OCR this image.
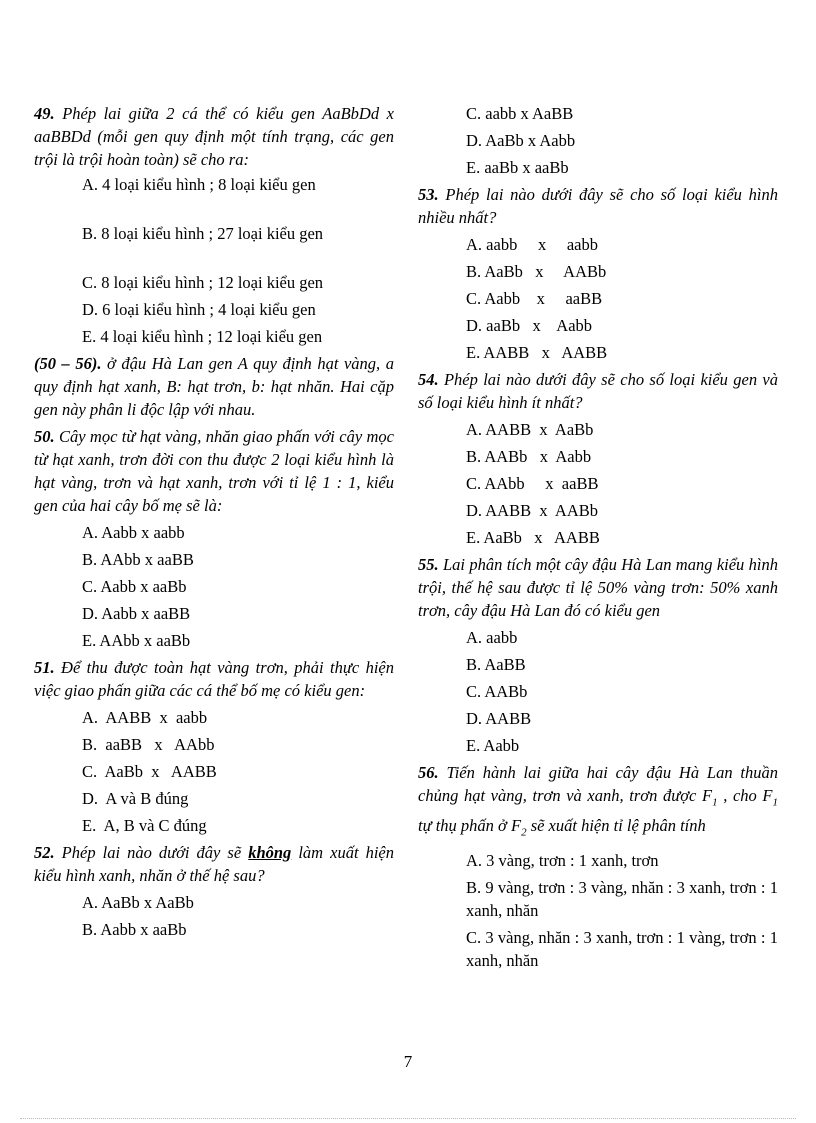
49. Phép lai giữa 2 cá thể có kiểu gen AaBbDd x aaBBDd (mỗi gen quy định một tính trạng, các gen trội là trội hoàn toàn) sẽ cho ra:

A. 4 loại kiểu hình ; 8 loại kiểu gen

B. 8 loại kiểu hình ; 27 loại kiểu gen

C. 8 loại kiểu hình ; 12 loại kiểu gen

D. 6 loại kiểu hình ; 4 loại kiểu gen

E. 4 loại kiểu hình ; 12 loại kiểu gen

(50 – 56). ở đậu Hà Lan gen A quy định hạt vàng, a quy định hạt xanh, B: hạt trơn, b: hạt nhăn. Hai cặp gen này phân li độc lập với nhau.

50. Cây mọc từ hạt vàng, nhăn giao phấn với cây mọc từ hạt xanh, trơn đời con thu được 2 loại kiểu hình là hạt vàng, trơn và hạt xanh, trơn với tỉ lệ 1 : 1, kiểu gen của hai cây bố mẹ sẽ là:

A. Aabb x aabb

B. AAbb x aaBB

C. Aabb x aaBb

D. Aabb x aaBB

E. AAbb x aaBb

51. Để thu được toàn hạt vàng trơn, phải thực hiện việc giao phấn giữa các cá thể bố mẹ có kiểu gen:

A.  AABB  x  aabb

B.  aaBB   x   AAbb

C.  AaBb  x   AABB

D.  A và B đúng

E.  A, B và C đúng

52. Phép lai nào dưới đây sẽ không làm xuất hiện kiểu hình xanh, nhăn ở thế hệ sau?

A. AaBb x AaBb

B. Aabb x aaBb

C. aabb x AaBB

D. AaBb x Aabb

E. aaBb x aaBb

53. Phép lai nào dưới đây sẽ cho số loại kiểu hình nhiều nhất?

A. aabb     x     aabb

B. AaBb   x     AABb

C. Aabb    x     aaBB

D. aaBb   x    Aabb

E. AABB   x   AABB

54. Phép lai nào dưới đây sẽ cho số loại kiểu gen và số loại kiểu hình ít nhất?

A. AABB  x  AaBb

B. AABb   x  Aabb

C. AAbb     x  aaBB

D. AABB  x  AABb

E. AaBb   x   AABB

55. Lai phân tích một cây đậu Hà Lan mang kiểu hình trội, thế hệ sau được tỉ lệ 50% vàng trơn: 50% xanh trơn, cây đậu Hà Lan đó có kiểu gen

A. aabb

B. AaBB

C. AABb

D. AABB

E. Aabb

56. Tiến hành lai giữa hai cây đậu Hà Lan thuần chủng hạt vàng, trơn và xanh, trơn được $F_1$ , cho $F_1$ tự thụ phấn ở $F_2$ sẽ xuất hiện tỉ lệ phân tính

A. 3 vàng, trơn : 1 xanh, trơn

B. 9 vàng, trơn : 3 vàng, nhăn : 3 xanh, trơn : 1 xanh, nhăn

C. 3 vàng, nhăn : 3 xanh, trơn : 1 vàng, trơn : 1 xanh, nhăn

7
